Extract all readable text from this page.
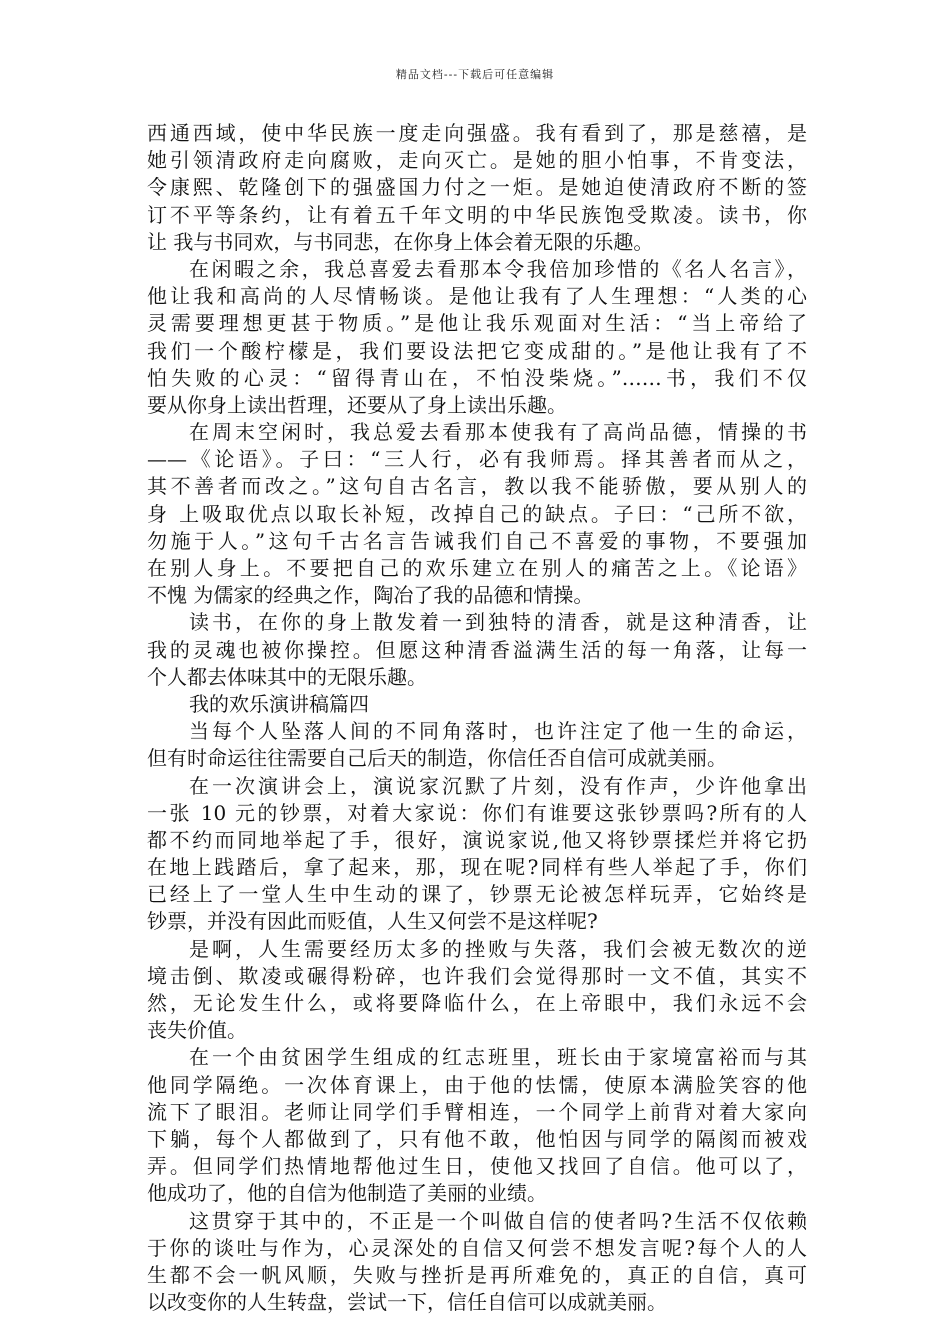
精品文档---下载后可任意编辑
西通西域，使中华民族一度走向强盛。我有看到了，那是慈禧，是
她引领清政府走向腐败，走向灭亡。是她的胆小怕事，不肯变法，
令康熙、乾隆创下的强盛国力付之一炬。是她迫使清政府不断的签
订不平等条约，让有着五千年文明的中华民族饱受欺凌。读书，你
让 我与书同欢，与书同悲，在你身上体会着无限的乐趣。
在闲暇之余，我总喜爱去看那本令我倍加珍惜的《名人名言》，
他让我和高尚的人尽情畅谈。是他让我有了人生理想：“人类的心
灵需要理想更甚于物质。”是他让我乐观面对生活：“当上帝给了
我们一个酸柠檬是，我们要设法把它变成甜的。”是他让我有了不
怕失败的心灵：“留得青山在，不怕没柴烧。”……书，我们不仅
要从你身上读出哲理，还要从了身上读出乐趣。
在周末空闲时，我总爱去看那本使我有了高尚品德，情操的书
——《论语》。子曰：“三人行，必有我师焉。择其善者而从之，
其不善者而改之。”这句自古名言，教以我不能骄傲，要从别人的
身 上吸取优点以取长补短，改掉自己的缺点。子曰：“己所不欲，
勿施于人。”这句千古名言告诫我们自己不喜爱的事物，不要强加
在别人身上。不要把自己的欢乐建立在别人的痛苦之上。《论语》
不愧 为儒家的经典之作，陶冶了我的品德和情操。
读书，在你的身上散发着一到独特的清香，就是这种清香，让
我的灵魂也被你操控。但愿这种清香溢满生活的每一角落，让每一
个人都去体味其中的无限乐趣。
我的欢乐演讲稿篇四
当每个人坠落人间的不同角落时，也许注定了他一生的命运，
但有时命运往往需要自己后天的制造，你信任否自信可成就美丽。
在一次演讲会上，演说家沉默了片刻，没有作声，少许他拿出
一张 10 元的钞票，对着大家说：你们有谁要这张钞票吗?所有的人
都不约而同地举起了手，很好，演说家说,他又将钞票揉烂并将它扔
在地上践踏后，拿了起来，那，现在呢?同样有些人举起了手，你们
已经上了一堂人生中生动的课了，钞票无论被怎样玩弄，它始终是
钞票，并没有因此而贬值，人生又何尝不是这样呢?
是啊，人生需要经历太多的挫败与失落，我们会被无数次的逆
境击倒、欺凌或碾得粉碎，也许我们会觉得那时一文不值，其实不
然，无论发生什么，或将要降临什么，在上帝眼中，我们永远不会
丧失价值。
在一个由贫困学生组成的红志班里，班长由于家境富裕而与其
他同学隔绝。一次体育课上，由于他的怯懦，使原本满脸笑容的他
流下了眼泪。老师让同学们手臂相连，一个同学上前背对着大家向
下躺，每个人都做到了，只有他不敢，他怕因与同学的隔阂而被戏
弄。但同学们热情地帮他过生日，使他又找回了自信。他可以了，
他成功了，他的自信为他制造了美丽的业绩。
这贯穿于其中的，不正是一个叫做自信的使者吗?生活不仅依赖
于你的谈吐与作为，心灵深处的自信又何尝不想发言呢?每个人的人
生都不会一帆风顺，失败与挫折是再所难免的，真正的自信，真可
以改变你的人生转盘，尝试一下，信任自信可以成就美丽。
